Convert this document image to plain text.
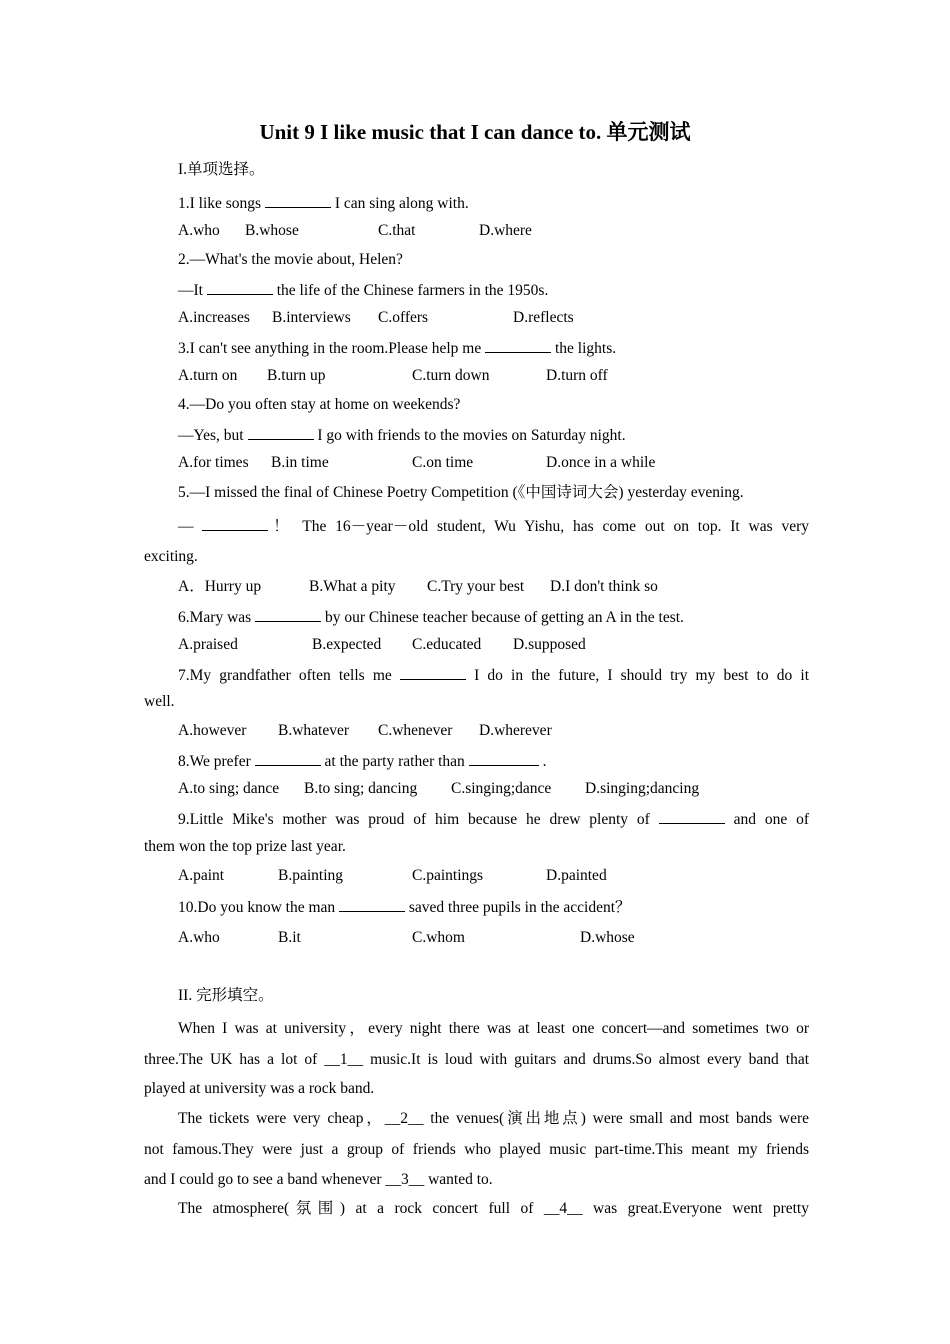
Unit 9 I like music that I can dance to. 单元测试
I.单项选择。
1.I like songs	I can sing along with.
A.who B.whose	C.that	D.where
2.—What's the movie about, Helen?
—It	the life of the Chinese farmers in the 1950s.
A.increases B.interviews C.offers	D.reflects
3.I can't see anything in the room.Please help me	the lights.
A.turn on B.turn up	C.turn down	D.turn off
4.—Do you often stay at home on weekends?
—Yes, but	I go with friends to the movies on Saturday night.
A.for times B.in time	C.on time	D.once in a while
5.—I missed the final of Chinese Poetry Competition (《中国诗词大会) yesterday evening.
—	！ The 16－year－old student, Wu Yishu, has come out on top. It was very
exciting.
A．Hurry up	B.What a pity C.Try your best D.I don't think so
6.Mary was	by our Chinese teacher because of getting an A in the test.
A.praised	B.expected C.educated D.supposed
7.My grandfather often tells me	I do in the future, I should try my best to do it
well.
A.however B.whatever C.whenever D.wherever
8.We prefer	at the party rather than	.
A.to sing; dance B.to sing; dancing C.singing;dance D.singing;dancing
9.Little Mike's mother was proud of him because he drew plenty of	and one of
them won the top prize last year.
A.paint	B.painting	C.paintings	D.painted
10.Do you know the man	saved three pupils in the accident？
A.who	B.it	C.whom	D.whose
II. 完形填空。
When I was at university，every night there was at least one concert—and sometimes two or
three.The UK has a lot of __1__ music.It is loud with guitars and drums.So almost every band that
played at university was a rock band.
The tickets were very cheap，__2__ the venues(演出地点) were small and most bands were
not famous.They were just a group of friends who played music part-time.This meant my friends
and I could go to see a band whenever __3__ wanted to.
The atmosphere(氛围) at a rock concert full of __4__ was great.Everyone went pretty
